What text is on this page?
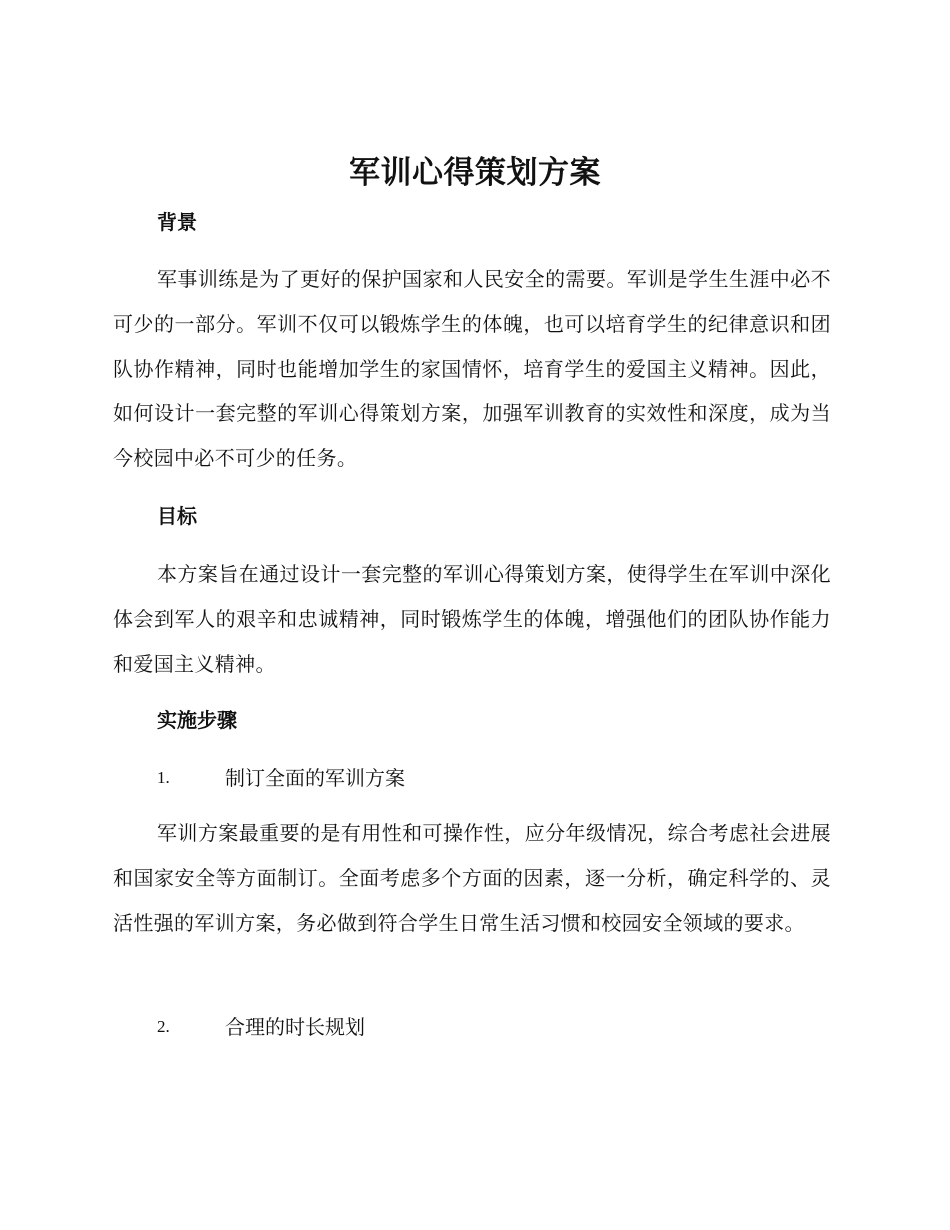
军训心得策划方案
背景
军事训练是为了更好的保护国家和人民安全的需要。军训是学生生涯中必不可少的一部分。军训不仅可以锻炼学生的体魄，也可以培育学生的纪律意识和团队协作精神，同时也能增加学生的家国情怀，培育学生的爱国主义精神。因此，如何设计一套完整的军训心得策划方案，加强军训教育的实效性和深度，成为当今校园中必不可少的任务。
目标
本方案旨在通过设计一套完整的军训心得策划方案，使得学生在军训中深化体会到军人的艰辛和忠诚精神，同时锻炼学生的体魄，增强他们的团队协作能力和爱国主义精神。
实施步骤
1.	制订全面的军训方案
军训方案最重要的是有用性和可操作性，应分年级情况，综合考虑社会进展和国家安全等方面制订。全面考虑多个方面的因素，逐一分析，确定科学的、灵活性强的军训方案，务必做到符合学生日常生活习惯和校园安全领域的要求。
2.	合理的时长规划
